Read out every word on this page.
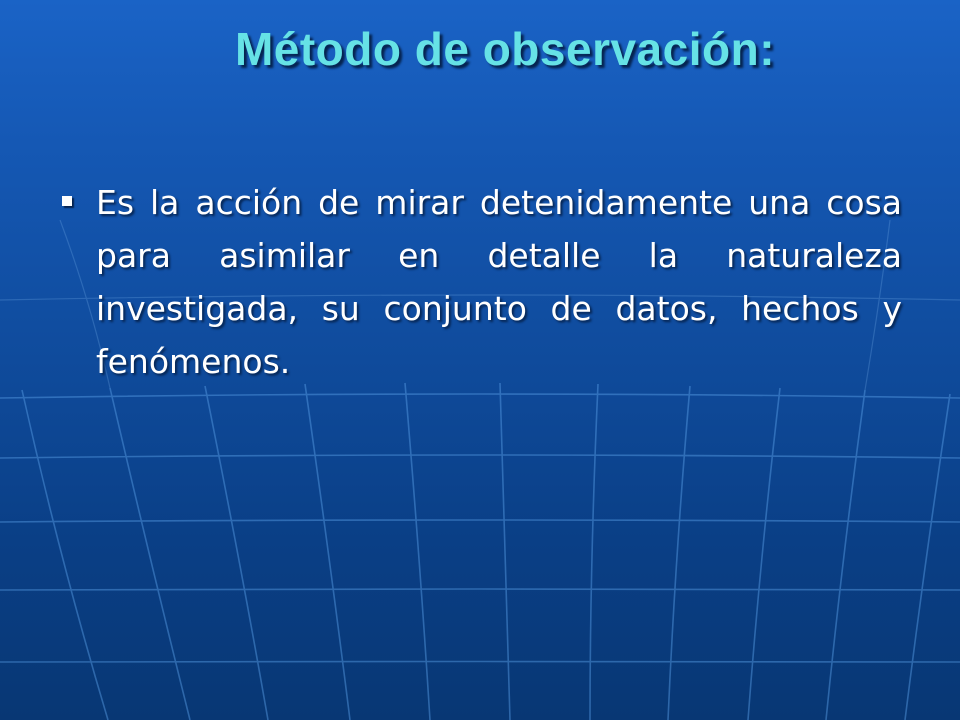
Método de observación:
Es la acción de mirar detenidamente una cosa para asimilar en detalle la naturaleza investigada, su conjunto de datos, hechos y fenómenos.
